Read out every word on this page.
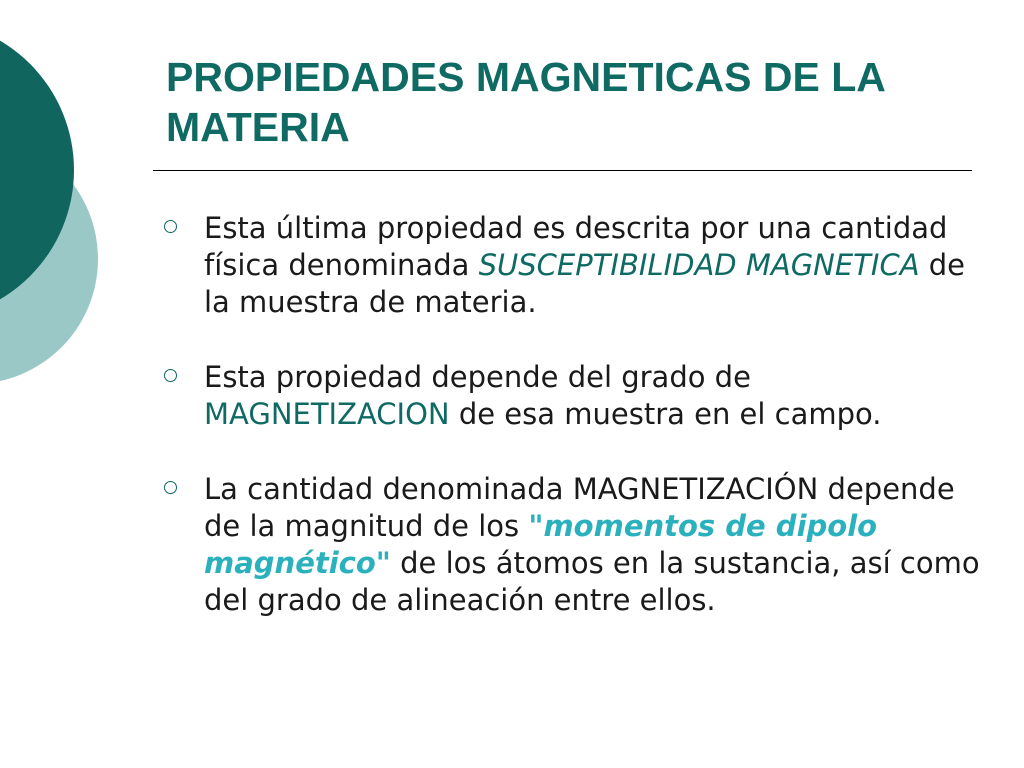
PROPIEDADES MAGNETICAS DE LA MATERIA
Esta última propiedad es descrita por una cantidad física denominada SUSCEPTIBILIDAD MAGNETICA de la muestra de materia.
Esta propiedad depende del grado de MAGNETIZACION de esa muestra en el campo.
La cantidad denominada MAGNETIZACIÓN depende de la magnitud de los "momentos de dipolo magnético" de los átomos en la sustancia, así como del grado de alineación entre ellos.
